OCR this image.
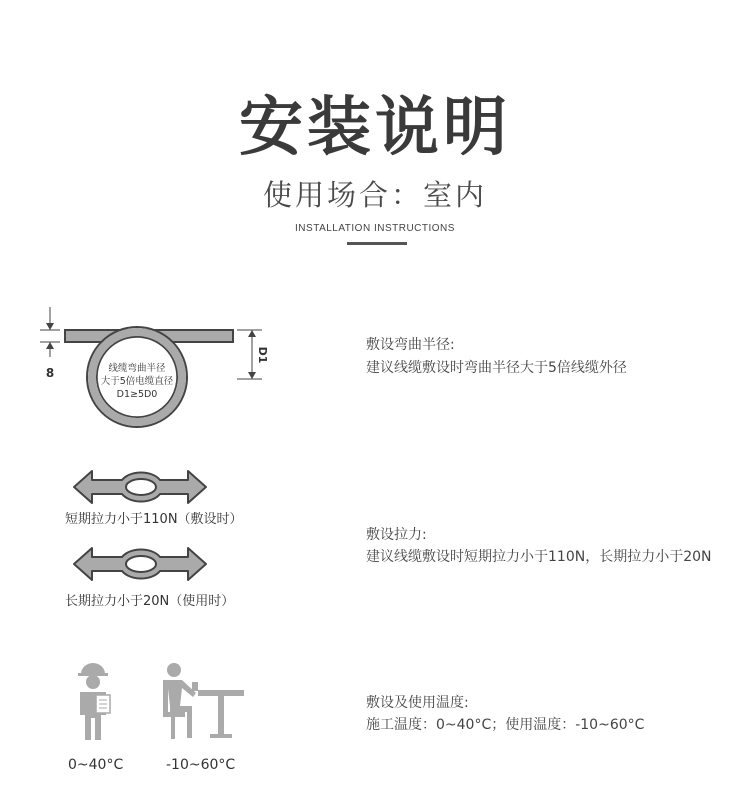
安装说明
使用场合：室内
INSTALLATION INSTRUCTIONS
8
D1
线缆弯曲半径
大于5倍电缆直径
D1≥5D0
敷设弯曲半径:
建议线缆敷设时弯曲半径大于5倍线缆外径
短期拉力小于110N（敷设时）
长期拉力小于20N（使用时）
敷设拉力:
建议线缆敷设时短期拉力小于110N，长期拉力小于20N
0~40°C	-10~60°C
敷设及使用温度:
施工温度：0~40°C；使用温度：-10~60°C
